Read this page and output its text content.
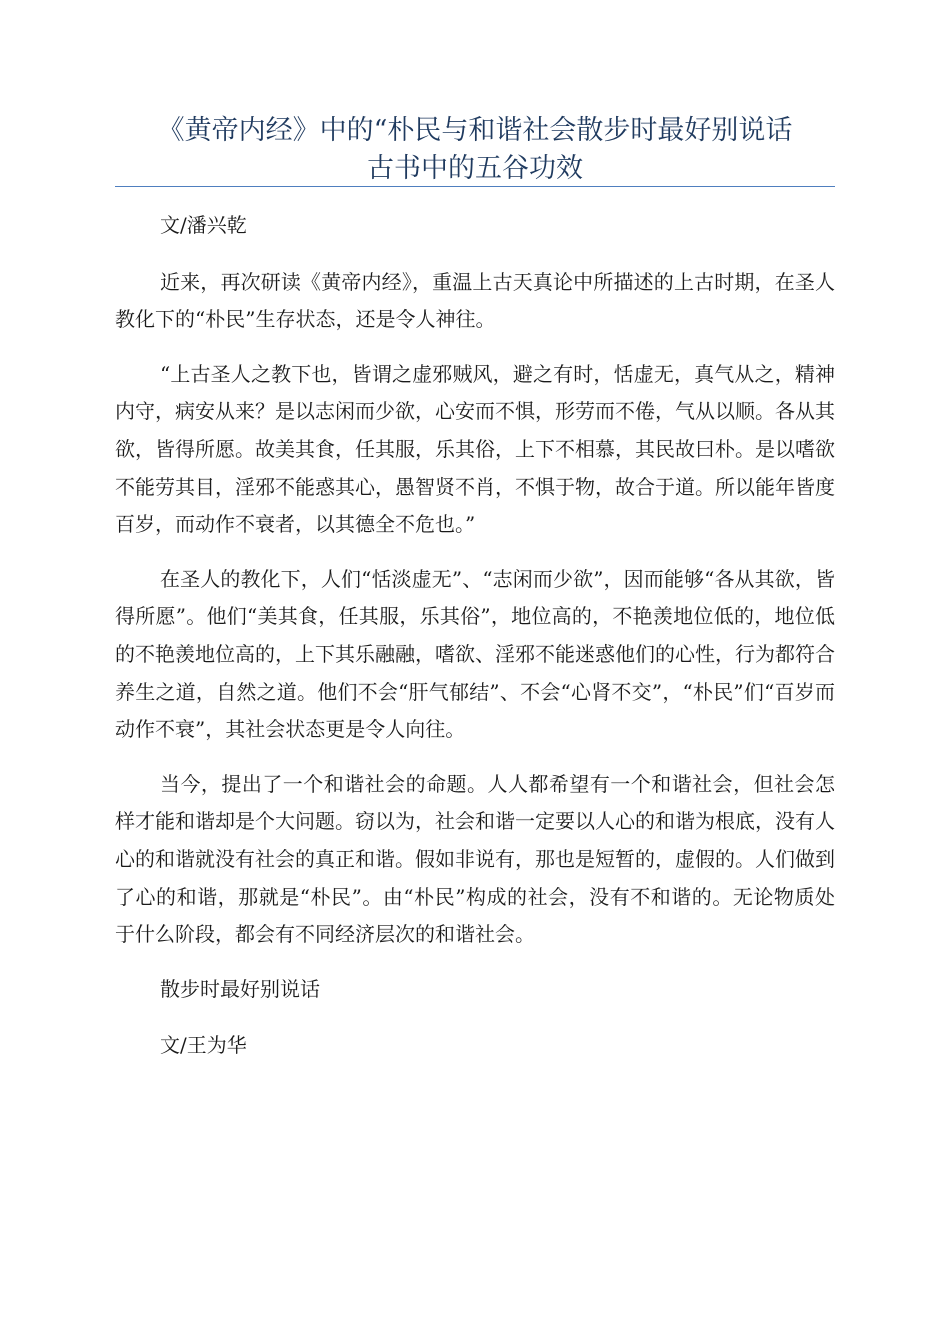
《黄帝内经》中的“朴民与和谐社会散步时最好别说话
古书中的五谷功效

文/潘兴乾

近来，再次研读《黄帝内经》，重温上古天真论中所描述的上古时期，在圣人教化下的“朴民”生存状态，还是令人神往。

“上古圣人之教下也，皆谓之虚邪贼风，避之有时，恬虚无，真气从之，精神内守，病安从来？是以志闲而少欲，心安而不惧，形劳而不倦，气从以顺。各从其欲，皆得所愿。故美其食，任其服，乐其俗，上下不相慕，其民故曰朴。是以嗜欲不能劳其目，淫邪不能惑其心，愚智贤不肖，不惧于物，故合于道。所以能年皆度百岁，而动作不衰者，以其德全不危也。”

在圣人的教化下，人们“恬淡虚无”、“志闲而少欲”，因而能够“各从其欲，皆得所愿”。他们“美其食，任其服，乐其俗”，地位高的，不艳羡地位低的，地位低的不艳羡地位高的，上下其乐融融，嗜欲、淫邪不能迷惑他们的心性，行为都符合养生之道，自然之道。他们不会“肝气郁结”、不会“心肾不交”，“朴民”们“百岁而动作不衰”，其社会状态更是令人向往。

当今，提出了一个和谐社会的命题。人人都希望有一个和谐社会，但社会怎样才能和谐却是个大问题。窃以为，社会和谐一定要以人心的和谐为根底，没有人心的和谐就没有社会的真正和谐。假如非说有，那也是短暂的，虚假的。人们做到了心的和谐，那就是“朴民”。由“朴民”构成的社会，没有不和谐的。无论物质处于什么阶段，都会有不同经济层次的和谐社会。

散步时最好别说话

文/王为华
